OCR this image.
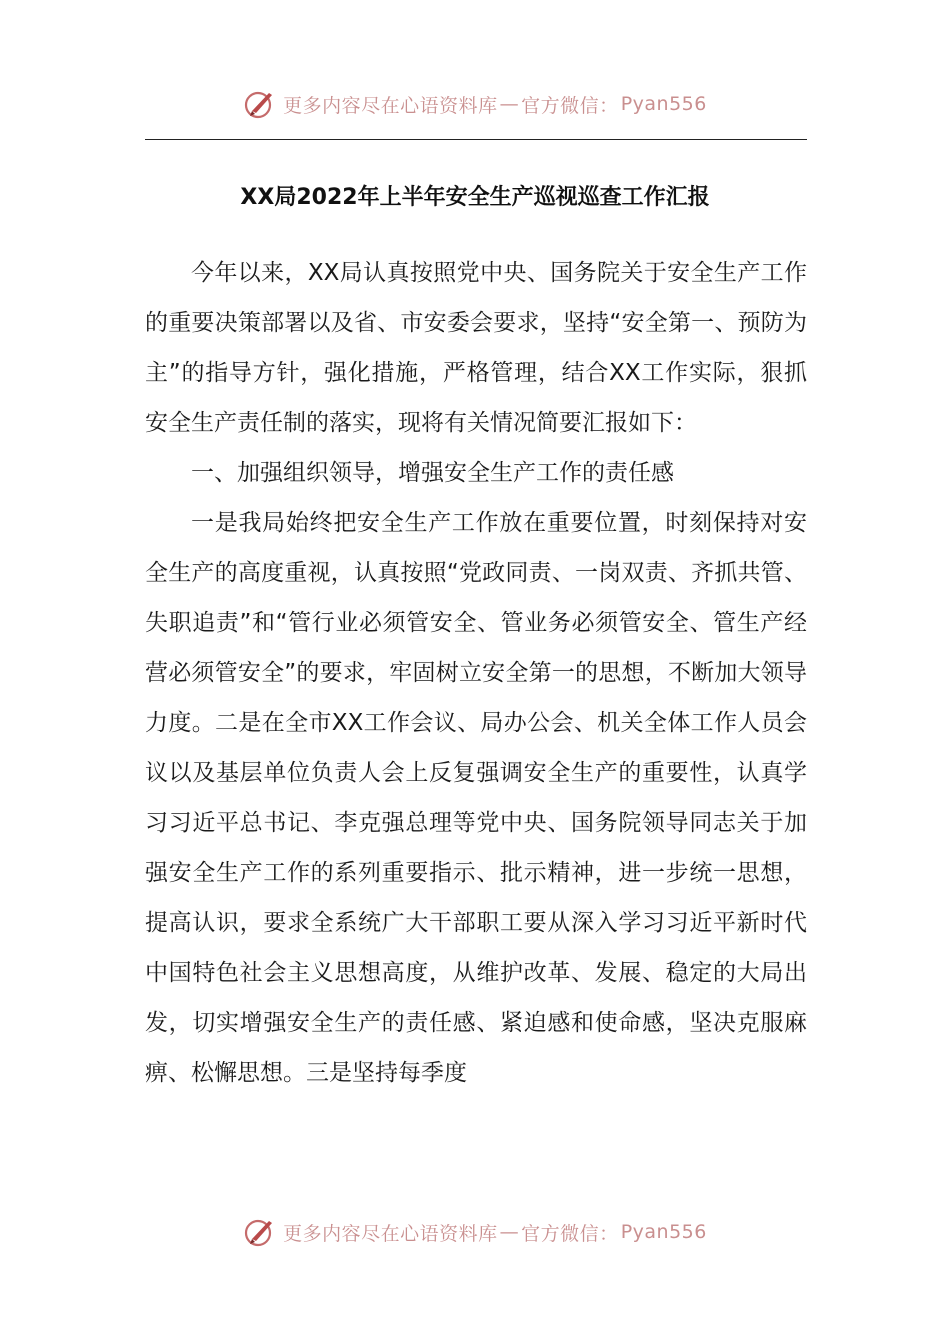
更多内容尽在心语资料库 — 官方微信： Pyan556
XX局2022年上半年安全生产巡视巡查工作汇报

今年以来，XX局认真按照党中央、国务院关于安全生产工作的重要决策部署以及省、市安委会要求，坚持“安全第一、预防为主”的指导方针，强化措施，严格管理，结合XX工作实际，狠抓安全生产责任制的落实，现将有关情况简要汇报如下：

一、加强组织领导，增强安全生产工作的责任感

一是我局始终把安全生产工作放在重要位置，时刻保持对安全生产的高度重视，认真按照“党政同责、一岗双责、齐抓共管、失职追责”和“管行业必须管安全、管业务必须管安全、管生产经营必须管安全”的要求，牢固树立安全第一的思想，不断加大领导力度。二是在全市XX工作会议、局办公会、机关全体工作人员会议以及基层单位负责人会上反复强调安全生产的重要性，认真学习习近平总书记、李克强总理等党中央、国务院领导同志关于加强安全生产工作的系列重要指示、批示精神，进一步统一思想，提高认识，要求全系统广大干部职工要从深入学习习近平新时代中国特色社会主义思想高度，从维护改革、发展、稳定的大局出发，切实增强安全生产的责任感、紧迫感和使命感，坚决克服麻痹、松懈思想。三是坚持每季度

更多内容尽在心语资料库 — 官方微信： Pyan556
